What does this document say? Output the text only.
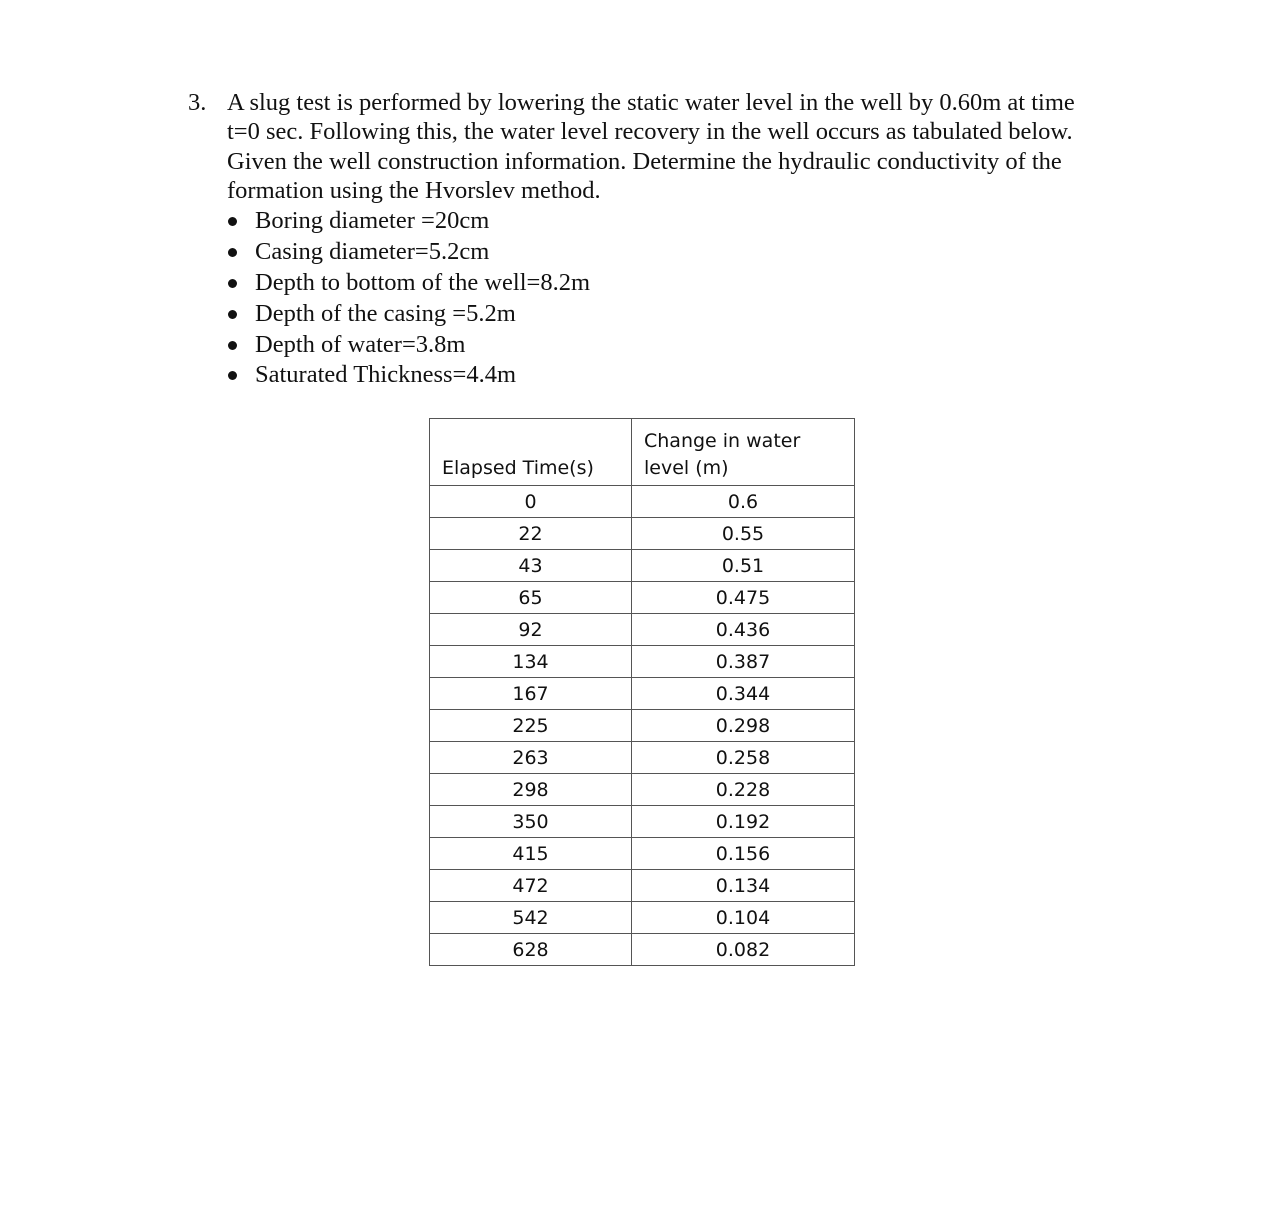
3. A slug test is performed by lowering the static water level in the well by 0.60m at time
t=0 sec. Following this, the water level recovery in the well occurs as tabulated below.
Given the well construction information. Determine the hydraulic conductivity of the
formation using the Hvorslev method.
Boring diameter =20cm
Casing diameter=5.2cm
Depth to bottom of the well=8.2m
Depth of the casing =5.2m
Depth of water=3.8m
Saturated Thickness=4.4m
Elapsed Time(s)	Change in water
level (m)
0	0.6
22	0.55
43	0.51
65	0.475
92	0.436
134	0.387
167	0.344
225	0.298
263	0.258
298	0.228
350	0.192
415	0.156
472	0.134
542	0.104
628	0.082
